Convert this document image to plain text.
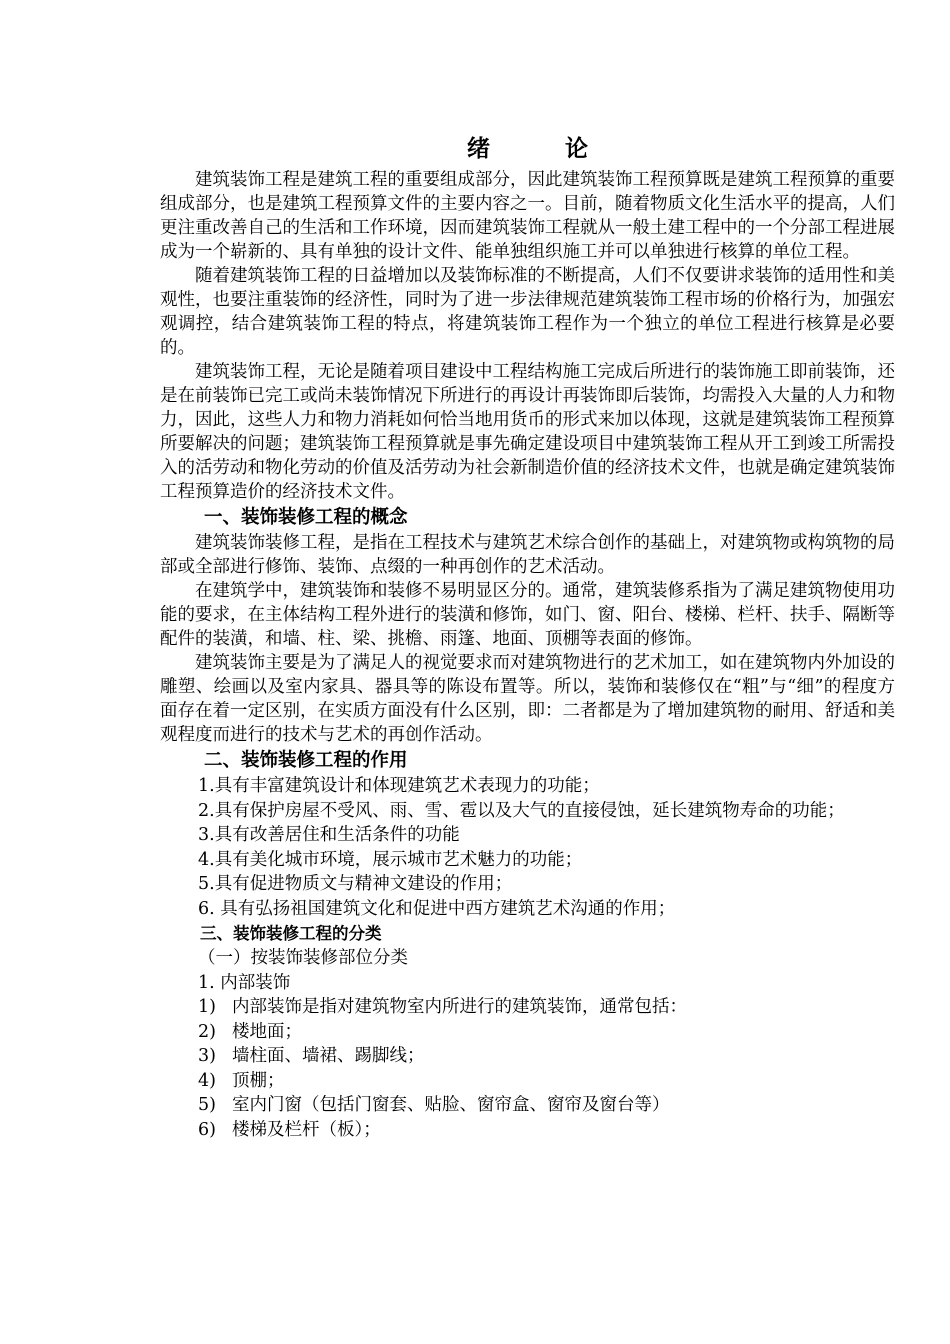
绪　论

建筑装饰工程是建筑工程的重要组成部分，因此建筑装饰工程预算既是建筑工程预算的重要组成部分，也是建筑工程预算文件的主要内容之一。目前，随着物质文化生活水平的提高，人们更注重改善自己的生活和工作环境，因而建筑装饰工程就从一般土建工程中的一个分部工程进展成为一个崭新的、具有单独的设计文件、能单独组织施工并可以单独进行核算的单位工程。

随着建筑装饰工程的日益增加以及装饰标准的不断提高，人们不仅要讲求装饰的适用性和美观性，也要注重装饰的经济性，同时为了进一步法律规范建筑装饰工程市场的价格行为，加强宏观调控，结合建筑装饰工程的特点，将建筑装饰工程作为一个独立的单位工程进行核算是必要的。

建筑装饰工程，无论是随着项目建设中工程结构施工完成后所进行的装饰施工即前装饰，还是在前装饰已完工或尚未装饰情况下所进行的再设计再装饰即后装饰，均需投入大量的人力和物力，因此，这些人力和物力消耗如何恰当地用货币的形式来加以体现，这就是建筑装饰工程预算所要解决的问题；建筑装饰工程预算就是事先确定建设项目中建筑装饰工程从开工到竣工所需投入的活劳动和物化劳动的价值及活劳动为社会新制造价值的经济技术文件，也就是确定建筑装饰工程预算造价的经济技术文件。

一、装饰装修工程的概念

建筑装饰装修工程，是指在工程技术与建筑艺术综合创作的基础上，对建筑物或构筑物的局部或全部进行修饰、装饰、点缀的一种再创作的艺术活动。

在建筑学中，建筑装饰和装修不易明显区分的。通常，建筑装修系指为了满足建筑物使用功能的要求，在主体结构工程外进行的装潢和修饰，如门、窗、阳台、楼梯、栏杆、扶手、隔断等配件的装潢，和墙、柱、梁、挑檐、雨篷、地面、顶棚等表面的修饰。

建筑装饰主要是为了满足人的视觉要求而对建筑物进行的艺术加工，如在建筑物内外加设的雕塑、绘画以及室内家具、器具等的陈设布置等。所以，装饰和装修仅在“粗”与“细”的程度方面存在着一定区别，在实质方面没有什么区别，即：二者都是为了增加建筑物的耐用、舒适和美观程度而进行的技术与艺术的再创作活动。

二、装饰装修工程的作用

1.具有丰富建筑设计和体现建筑艺术表现力的功能；

2.具有保护房屋不受风、雨、雪、雹以及大气的直接侵蚀，延长建筑物寿命的功能；

3.具有改善居住和生活条件的功能

4.具有美化城市环境，展示城市艺术魅力的功能；

5.具有促进物质文与精神文建设的作用；

6. 具有弘扬祖国建筑文化和促进中西方建筑艺术沟通的作用；

三、装饰装修工程的分类

（一）按装饰装修部位分类

1. 内部装饰

1) 内部装饰是指对建筑物室内所进行的建筑装饰，通常包括：

2) 楼地面；

3) 墙柱面、墙裙、踢脚线；

4) 顶棚；

5) 室内门窗（包括门窗套、贴脸、窗帘盒、窗帘及窗台等）

6) 楼梯及栏杆（板）；
